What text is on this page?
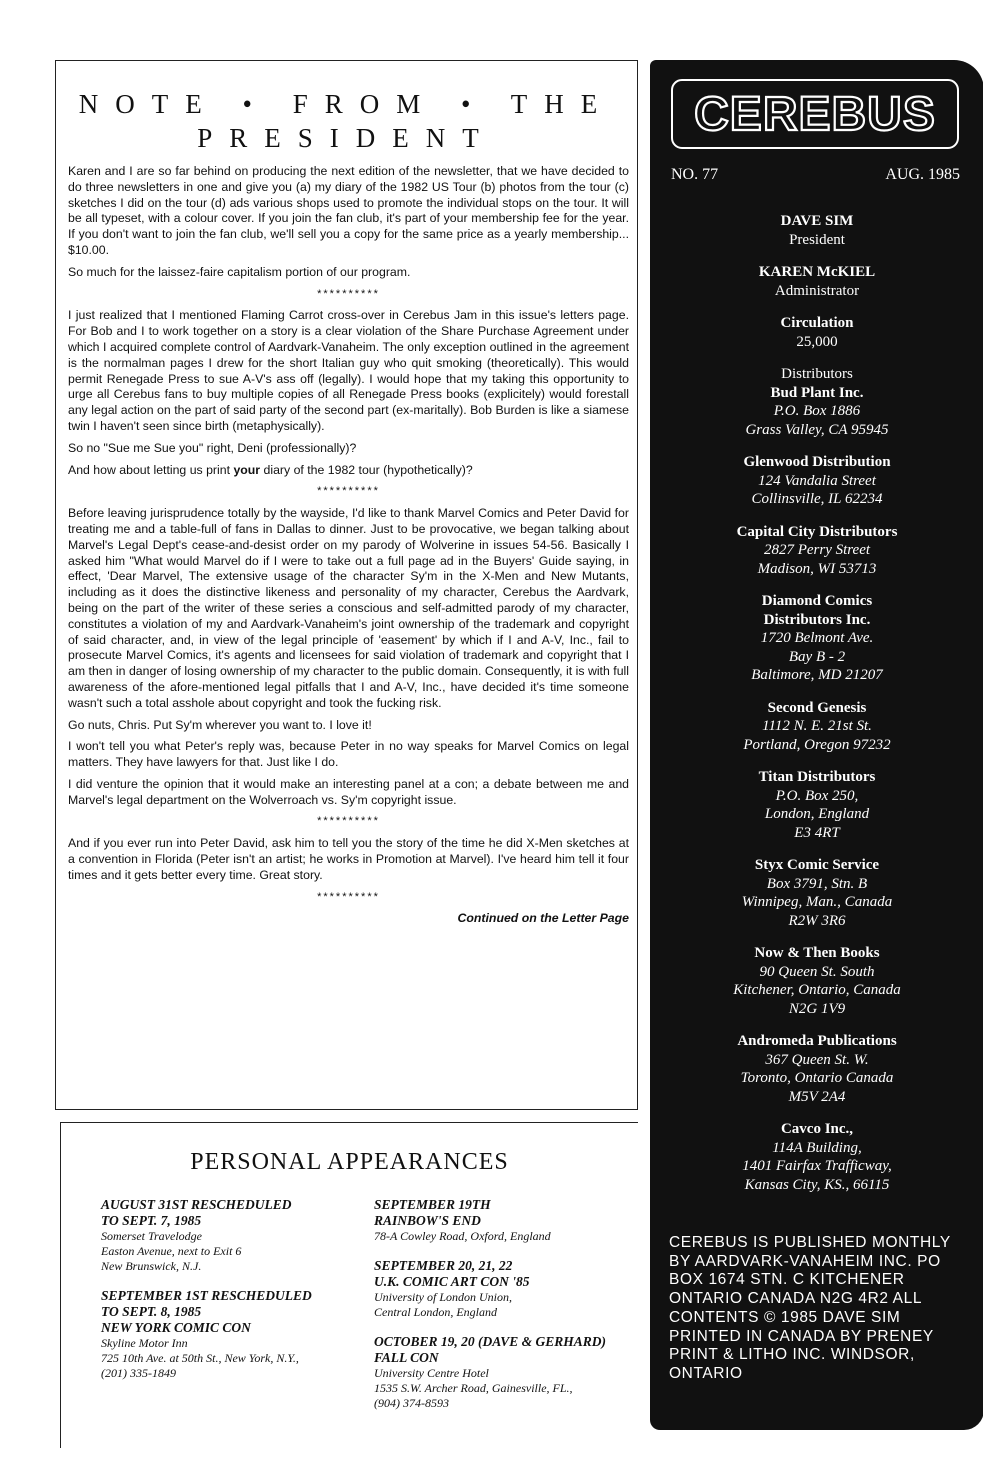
NOTE • FROM • THE
PRESIDENT

Karen and I are so far behind on producing the next edition of the newsletter, that we have decided to do three newsletters in one and give you (a) my diary of the 1982 US Tour (b) photos from the tour (c) sketches I did on the tour (d) ads various shops used to promote the individual stops on the tour. It will be all typeset, with a colour cover. If you join the fan club, it's part of your membership fee for the year. If you don't want to join the fan club, we'll sell you a copy for the same price as a yearly membership... $10.00.

So much for the laissez-faire capitalism portion of our program.

**********

I just realized that I mentioned Flaming Carrot cross-over in Cerebus Jam in this issue's letters page. For Bob and I to work together on a story is a clear violation of the Share Purchase Agreement under which I acquired complete control of Aardvark-Vanaheim. The only exception outlined in the agreement is the normalman pages I drew for the short Italian guy who quit smoking (theoretically). This would permit Renegade Press to sue A-V's ass off (legally). I would hope that my taking this opportunity to urge all Cerebus fans to buy multiple copies of all Renegade Press books (explicitely) would forestall any legal action on the part of said party of the second part (ex-maritally). Bob Burden is like a siamese twin I haven't seen since birth (metaphysically).

So no "Sue me Sue you" right, Deni (professionally)?

And how about letting us print your diary of the 1982 tour (hypothetically)?

**********

Before leaving jurisprudence totally by the wayside, I'd like to thank Marvel Comics and Peter David for treating me and a table-full of fans in Dallas to dinner. Just to be provocative, we began talking about Marvel's Legal Dept's cease-and-desist order on my parody of Wolverine in issues 54-56. Basically I asked him "What would Marvel do if I were to take out a full page ad in the Buyers' Guide saying, in effect, 'Dear Marvel, The extensive usage of the character Sy'm in the X-Men and New Mutants, including as it does the distinctive likeness and personality of my character, Cerebus the Aardvark, being on the part of the writer of these series a conscious and self-admitted parody of my character, constitutes a violation of my and Aardvark-Vanaheim's joint ownership of the trademark and copyright of said character, and, in view of the legal principle of 'easement' by which if I and A-V, Inc., fail to prosecute Marvel Comics, it's agents and licensees for said violation of trademark and copyright that I am then in danger of losing ownership of my character to the public domain. Consequently, it is with full awareness of the afore-mentioned legal pitfalls that I and A-V, Inc., have decided it's time someone wasn't such a total asshole about copyright and took the fucking risk.

Go nuts, Chris. Put Sy'm wherever you want to. I love it!

I won't tell you what Peter's reply was, because Peter in no way speaks for Marvel Comics on legal matters. They have lawyers for that. Just like I do.

I did venture the opinion that it would make an interesting panel at a con; a debate between me and Marvel's legal department on the Wolverroach vs. Sy'm copyright issue.

**********

And if you ever run into Peter David, ask him to tell you the story of the time he did X-Men sketches at a convention in Florida (Peter isn't an artist; he works in Promotion at Marvel). I've heard him tell it four times and it gets better every time. Great story.

**********
Continued on the Letter Page
PERSONAL APPEARANCES
AUGUST 31ST RESCHEDULED
TO SEPT. 7, 1985
Somerset Travelodge
Easton Avenue, next to Exit 6
New Brunswick, N.J.
SEPTEMBER 1ST RESCHEDULED
TO SEPT. 8, 1985
NEW YORK COMIC CON
Skyline Motor Inn
725 10th Ave. at 50th St., New York, N.Y.,
(201) 335-1849
SEPTEMBER 19TH
RAINBOW'S END
78-A Cowley Road, Oxford, England
SEPTEMBER 20, 21, 22
U.K. COMIC ART CON '85
University of London Union,
Central London, England
OCTOBER 19, 20 (DAVE & GERHARD)
FALL CON
University Centre Hotel
1535 S.W. Archer Road, Gainesville, FL.,
(904) 374-8593
CEREBUS
NO. 77	AUG. 1985
DAVE SIM
President
KAREN McKIEL
Administrator
Circulation
25,000
Distributors
Bud Plant Inc.
P.O. Box 1886
Grass Valley, CA 95945
Glenwood Distribution
124 Vandalia Street
Collinsville, IL 62234
Capital City Distributors
2827 Perry Street
Madison, WI 53713
Diamond Comics
Distributors Inc.
1720 Belmont Ave.
Bay B - 2
Baltimore, MD 21207
Second Genesis
1112 N. E. 21st St.
Portland, Oregon 97232
Titan Distributors
P.O. Box 250,
London, England
E3 4RT
Styx Comic Service
Box 3791, Stn. B
Winnipeg, Man., Canada
R2W 3R6
Now & Then Books
90 Queen St. South
Kitchener, Ontario, Canada
N2G 1V9
Andromeda Publications
367 Queen St. W.
Toronto, Ontario Canada
M5V 2A4
Cavco Inc.,
114A Building,
1401 Fairfax Trafficway,
Kansas City, KS., 66115
CEREBUS IS PUBLISHED MONTHLY BY AARDVARK-VANAHEIM INC. PO BOX 1674 STN. C KITCHENER ONTARIO CANADA N2G 4R2 ALL CONTENTS © 1985 DAVE SIM PRINTED IN CANADA BY PRENEY PRINT & LITHO INC. WINDSOR, ONTARIO
